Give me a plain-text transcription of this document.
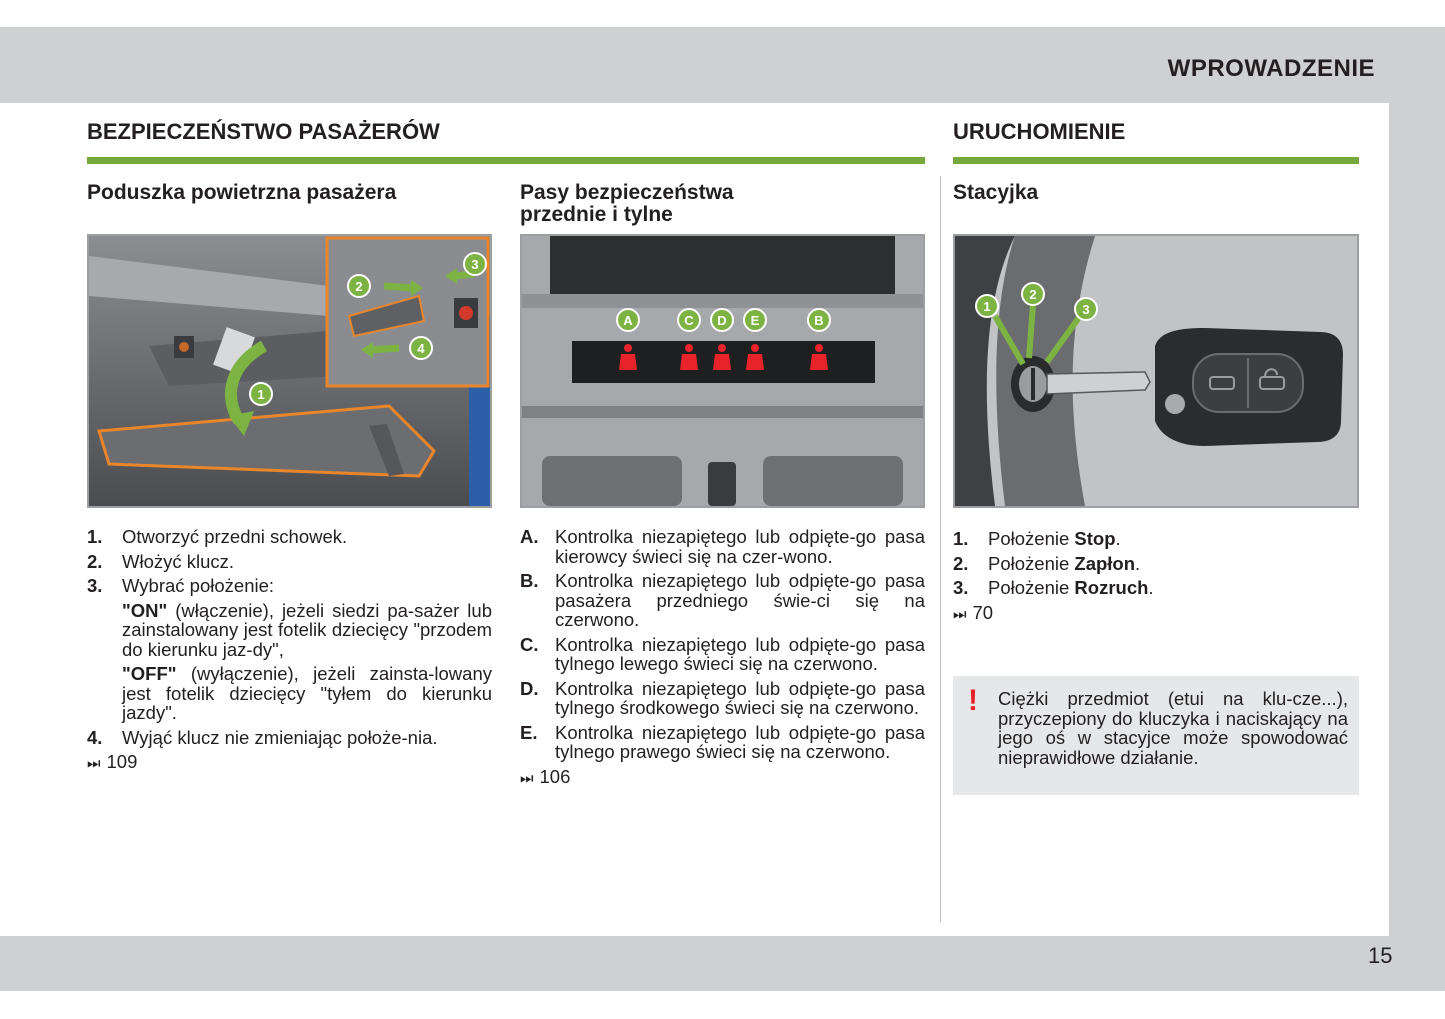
WPROWADZENIE
15
BEZPIECZEŃSTWO PASAŻERÓW	URUCHOMIENIE
Poduszka powietrzna pasażera
1
2
3
4
1. Otworzyć przedni schowek.
2. Włożyć klucz.
3. Wybrać położenie:
"ON" (włączenie), jeżeli siedzi pa-sażer lub zainstalowany jest fotelik dziecięcy "przodem do kierunku jaz-dy",
"OFF" (wyłączenie), jeżeli zainsta-lowany jest fotelik dziecięcy "tyłem do kierunku jazdy".
4. Wyjąć klucz nie zmieniając położe-nia.
⏭ 109
Pasy bezpieczeństwa przednie i tylne
A	C D E	B
A. Kontrolka niezapiętego lub odpięte-go pasa kierowcy świeci się na czer-wono.
B. Kontrolka niezapiętego lub odpięte-go pasa pasażera przedniego świe-ci się na czerwono.
C. Kontrolka niezapiętego lub odpięte-go pasa tylnego lewego świeci się na czerwono.
D. Kontrolka niezapiętego lub odpięte-go pasa tylnego środkowego świeci się na czerwono.
E. Kontrolka niezapiętego lub odpięte-go pasa tylnego prawego świeci się na czerwono.
⏭ 106
Stacyjka
1
2
3
1. Położenie Stop.
2. Położenie Zapłon.
3. Położenie Rozruch.
⏭ 70
! Ciężki przedmiot (etui na klu-cze...), przyczepiony do kluczyka i naciskający na jego oś w stacyjce może spowodować nieprawidłowe działanie.
